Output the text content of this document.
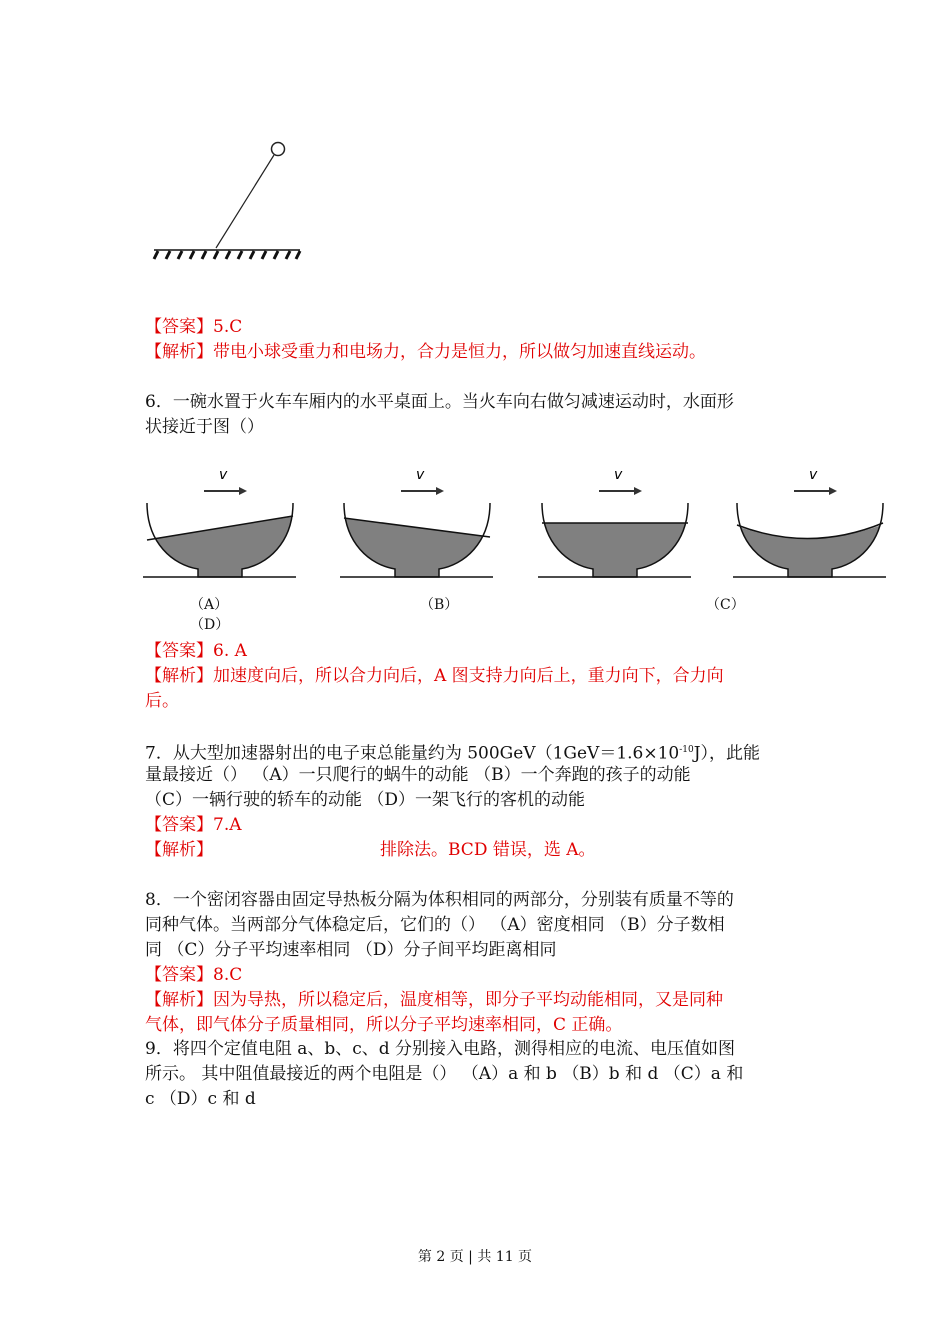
【答案】5.C
【解析】带电小球受重力和电场力，合力是恒力，所以做匀加速直线运动。
6．一碗水置于火车车厢内的水平桌面上。当火车向右做匀减速运动时，水面形
状接近于图（）
v	v	v	v
（A）	（B）	（C）
（D）
【答案】6. A
【解析】加速度向后，所以合力向后，A 图支持力向后上，重力向下，合力向
后。
7．从大型加速器射出的电子束总能量约为 $500GeV(1GeV=1.6\times 10^{-10}J)$，此能
量最接近（） （A）一只爬行的蜗牛的动能 （B）一个奔跑的孩子的动能
（C）一辆行驶的轿车的动能 （D）一架飞行的客机的动能
【答案】7.A
【解析】	排除法。BCD 错误，选 A。
8．一个密闭容器由固定导热板分隔为体积相同的两部分，分别装有质量不等的
同种气体。当两部分气体稳定后，它们的（） （A）密度相同 （B）分子数相
同 （C）分子平均速率相同 （D）分子间平均距离相同
【答案】8.C
【解析】因为导热，所以稳定后，温度相等，即分子平均动能相同，又是同种
气体，即气体分子质量相同，所以分子平均速率相同，C 正确。
9．将四个定值电阻 a、b、c、d 分别接入电路，测得相应的电流、电压值如图
所示。 其中阻值最接近的两个电阻是（） （A）a 和 b （B）b 和 d （C）a 和
c （D）c 和 d
第 2 页 | 共 11 页
